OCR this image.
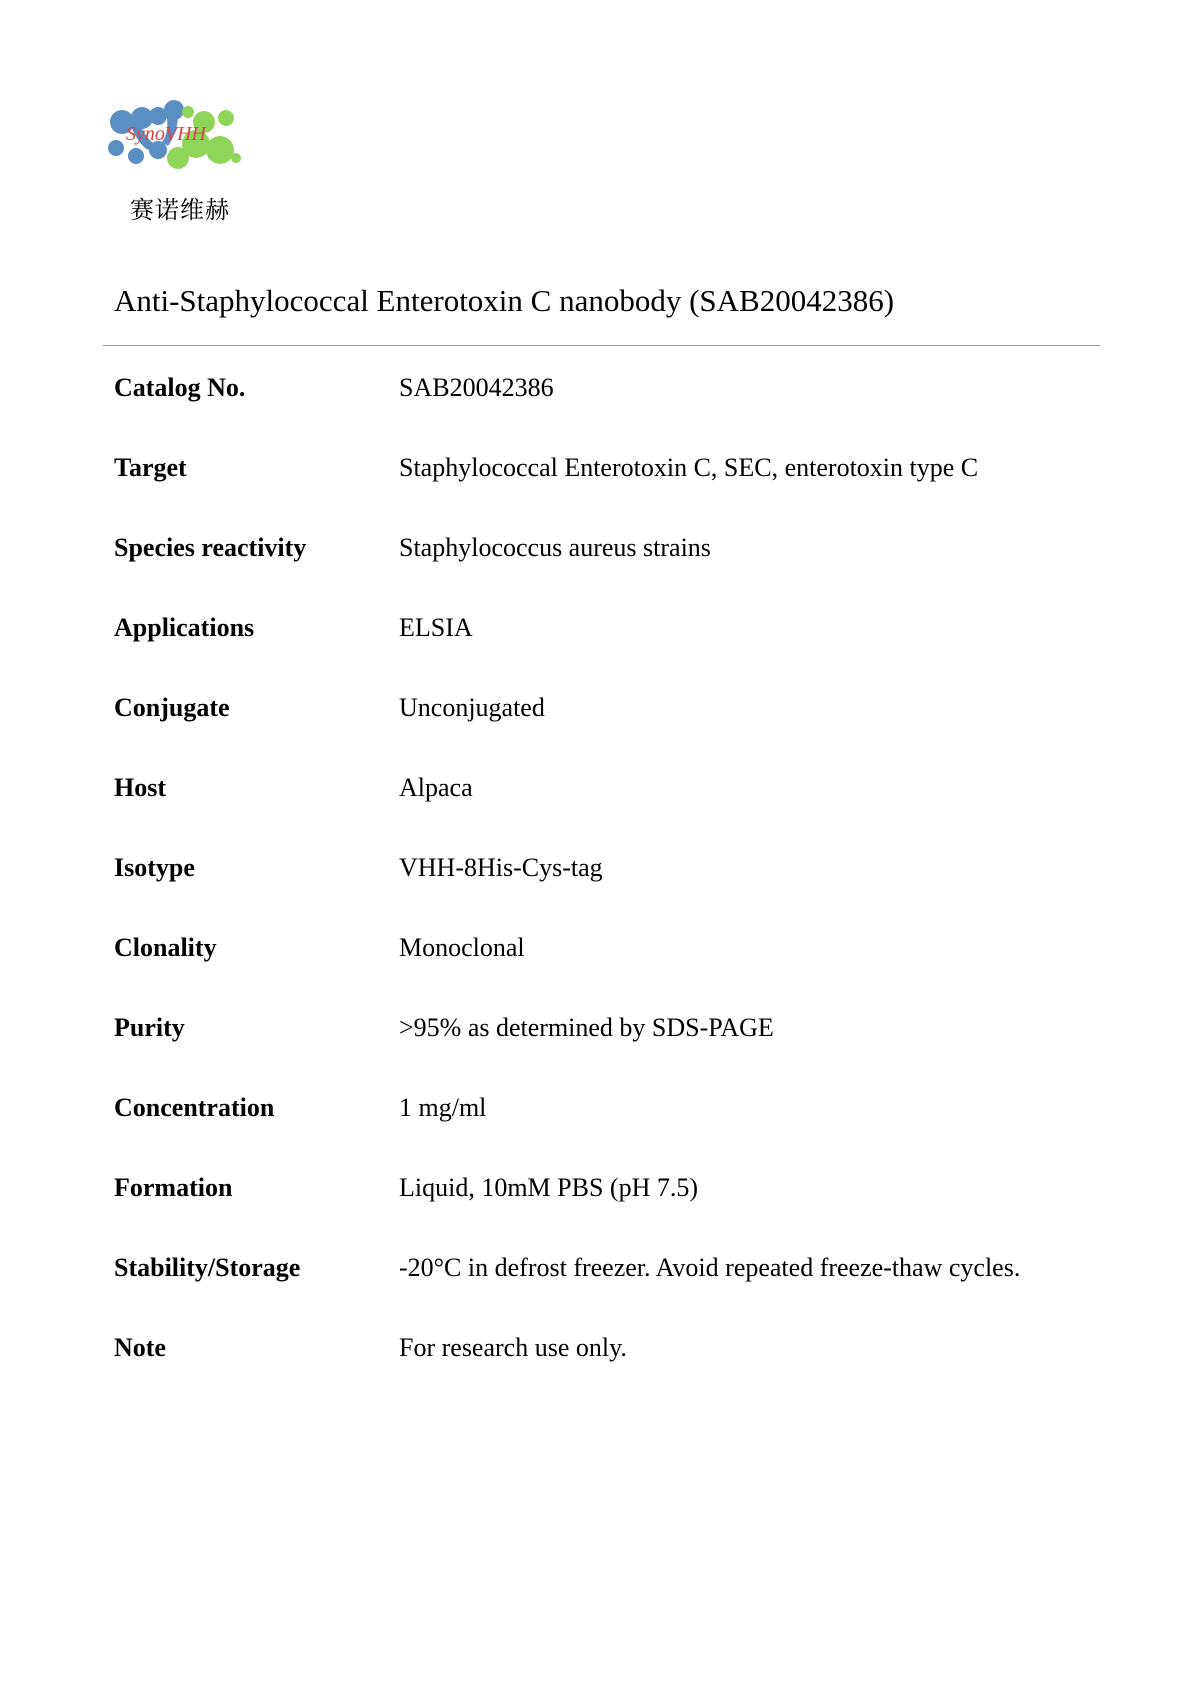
SynoVHH
赛诺维赫
Anti-Staphylococcal Enterotoxin C nanobody (SAB20042386)
Catalog No.	SAB20042386
Target	Staphylococcal Enterotoxin C, SEC, enterotoxin type C
Species reactivity	Staphylococcus aureus strains
Applications	ELSIA
Conjugate	Unconjugated
Host	Alpaca
Isotype	VHH-8His-Cys-tag
Clonality	Monoclonal
Purity	>95% as determined by SDS-PAGE
Concentration	1 mg/ml
Formation	Liquid, 10mM PBS (pH 7.5)
Stability/Storage	-20°C in defrost freezer. Avoid repeated freeze-thaw cycles.
Note	For research use only.
